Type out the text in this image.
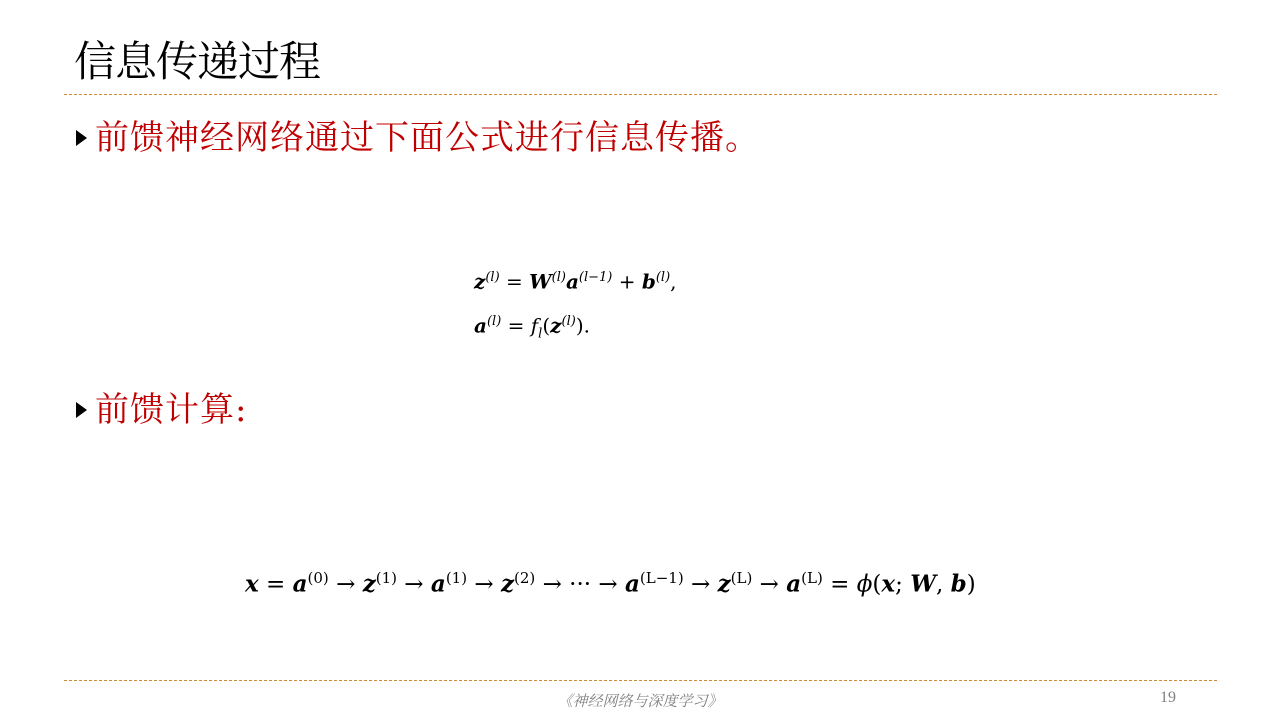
信息传递过程
前馈神经网络通过下面公式进行信息传播。
$z^{(l)} = W^{(l)}a^{(l-1)} + b^{(l)}$,
$a^{(l)} = f_l(z^{(l)})$.
前馈计算:
$x = a^{(0)} \to z^{(1)} \to a^{(1)} \to z^{(2)}$ → ··· → $a^{(L-1)} \to z^{(L)} \to a^{(L)} = \phi(x$; W, b)
《神经网络与深度学习》	19
